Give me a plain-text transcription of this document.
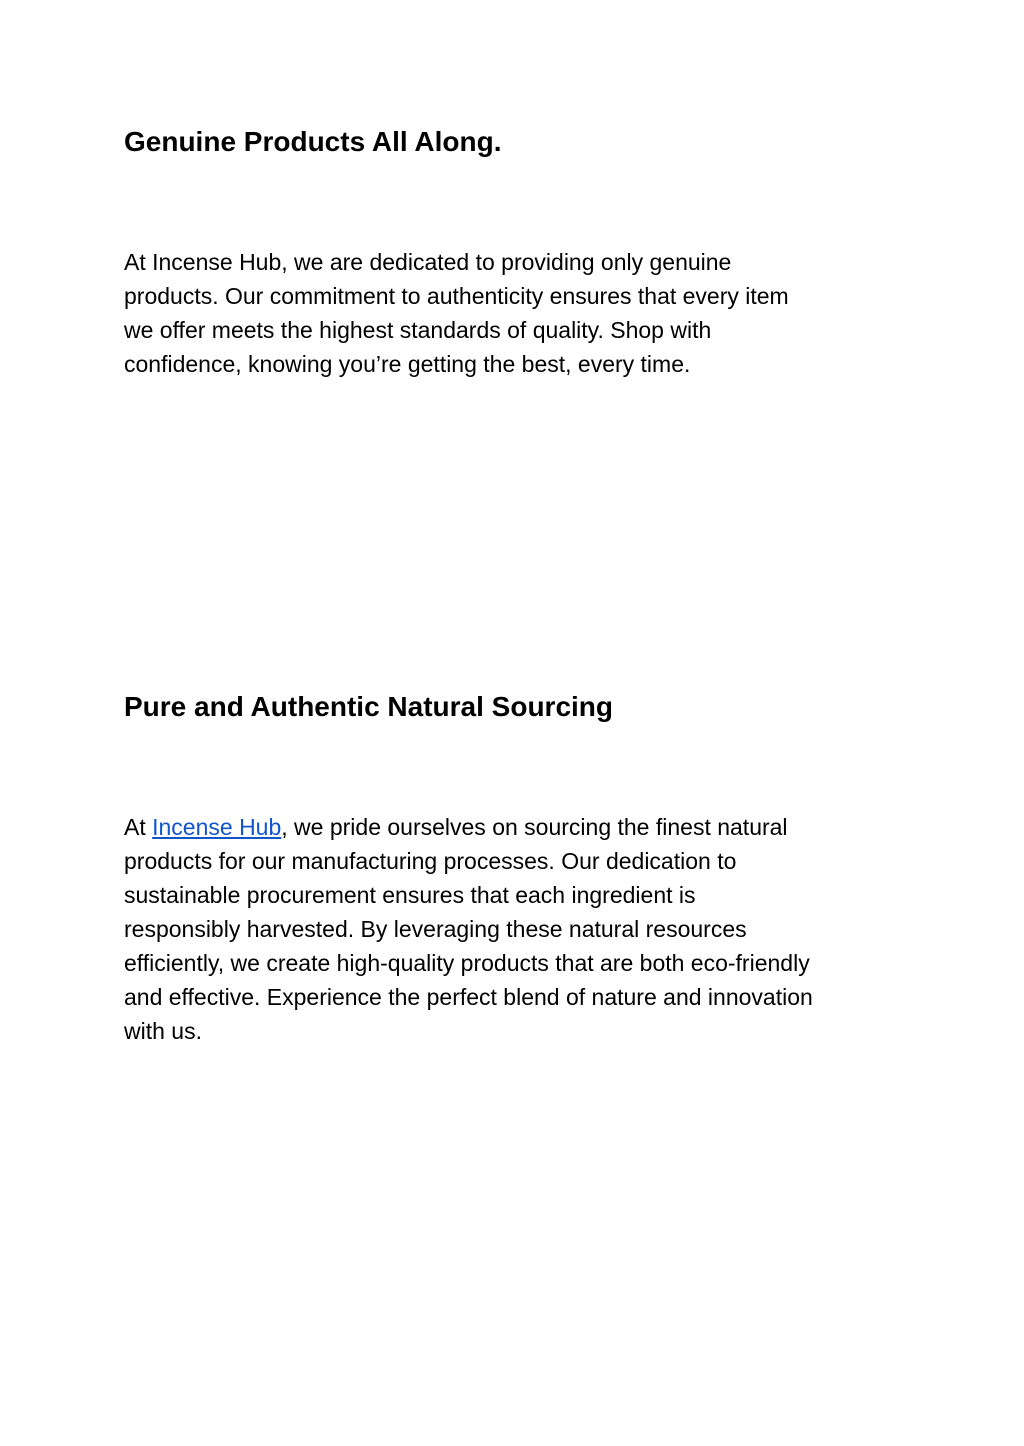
Genuine Products All Along.

At Incense Hub, we are dedicated to providing only genuine
products. Our commitment to authenticity ensures that every item
we offer meets the highest standards of quality. Shop with
confidence, knowing you’re getting the best, every time.

Pure and Authentic Natural Sourcing

At Incense Hub, we pride ourselves on sourcing the finest natural
products for our manufacturing processes. Our dedication to
sustainable procurement ensures that each ingredient is
responsibly harvested. By leveraging these natural resources
efficiently, we create high-quality products that are both eco-friendly
and effective. Experience the perfect blend of nature and innovation
with us.
